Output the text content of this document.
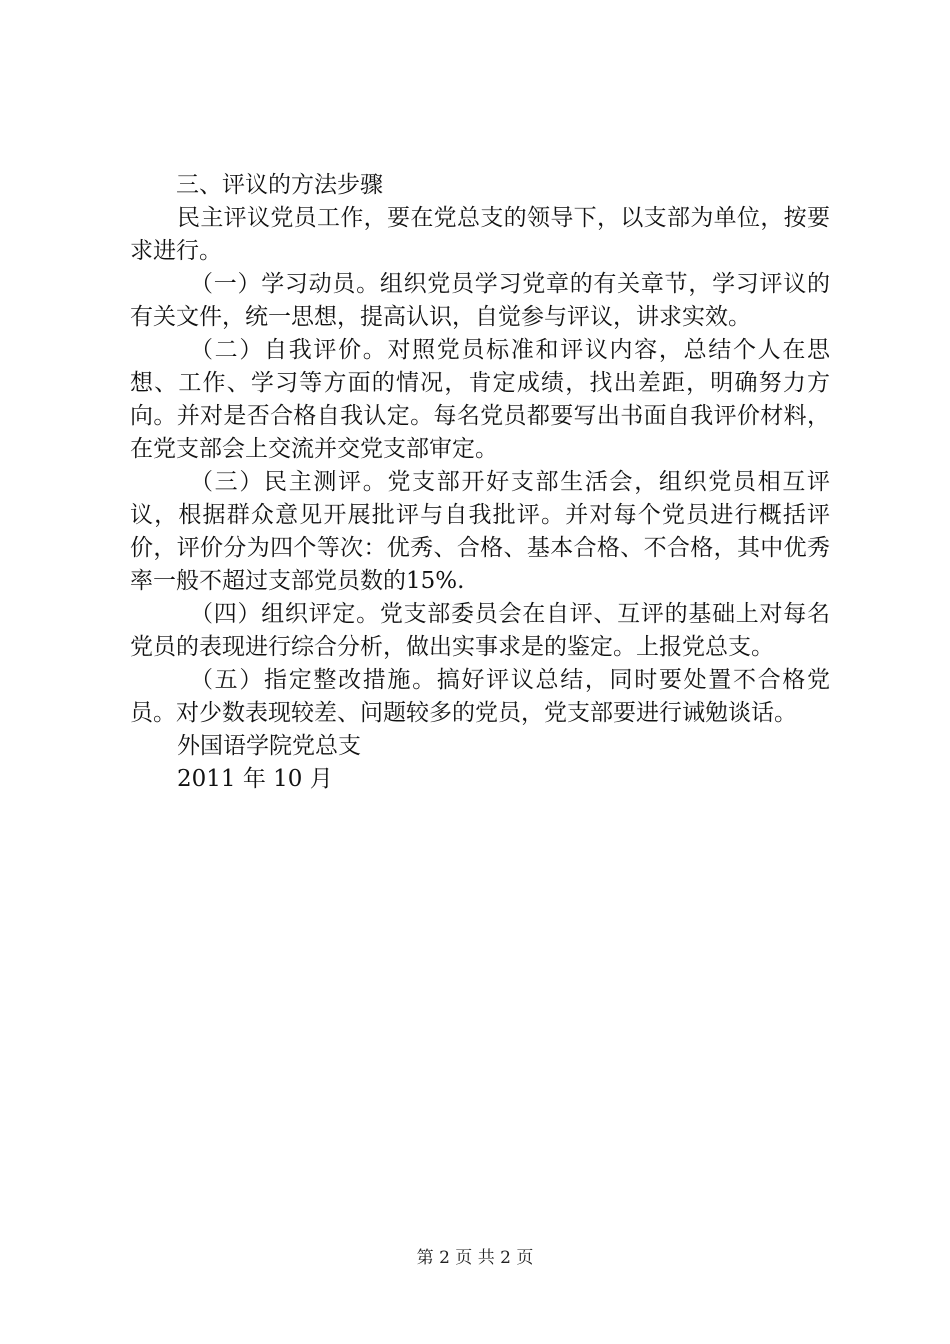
三、评议的方法步骤

民主评议党员工作，要在党总支的领导下，以支部为单位，按要求进行。

（一）学习动员。组织党员学习党章的有关章节，学习评议的有关文件，统一思想，提高认识，自觉参与评议，讲求实效。

（二）自我评价。对照党员标准和评议内容，总结个人在思想、工作、学习等方面的情况，肯定成绩，找出差距，明确努力方向。并对是否合格自我认定。每名党员都要写出书面自我评价材料，在党支部会上交流并交党支部审定。

（三）民主测评。党支部开好支部生活会，组织党员相互评议，根据群众意见开展批评与自我批评。并对每个党员进行概括评价，评价分为四个等次：优秀、合格、基本合格、不合格，其中优秀率一般不超过支部党员数的15%.

（四）组织评定。党支部委员会在自评、互评的基础上对每名党员的表现进行综合分析，做出实事求是的鉴定。上报党总支。

（五）指定整改措施。搞好评议总结，同时要处置不合格党员。对少数表现较差、问题较多的党员，党支部要进行诫勉谈话。

外国语学院党总支

2011 年 10 月

第 2 页 共 2 页
